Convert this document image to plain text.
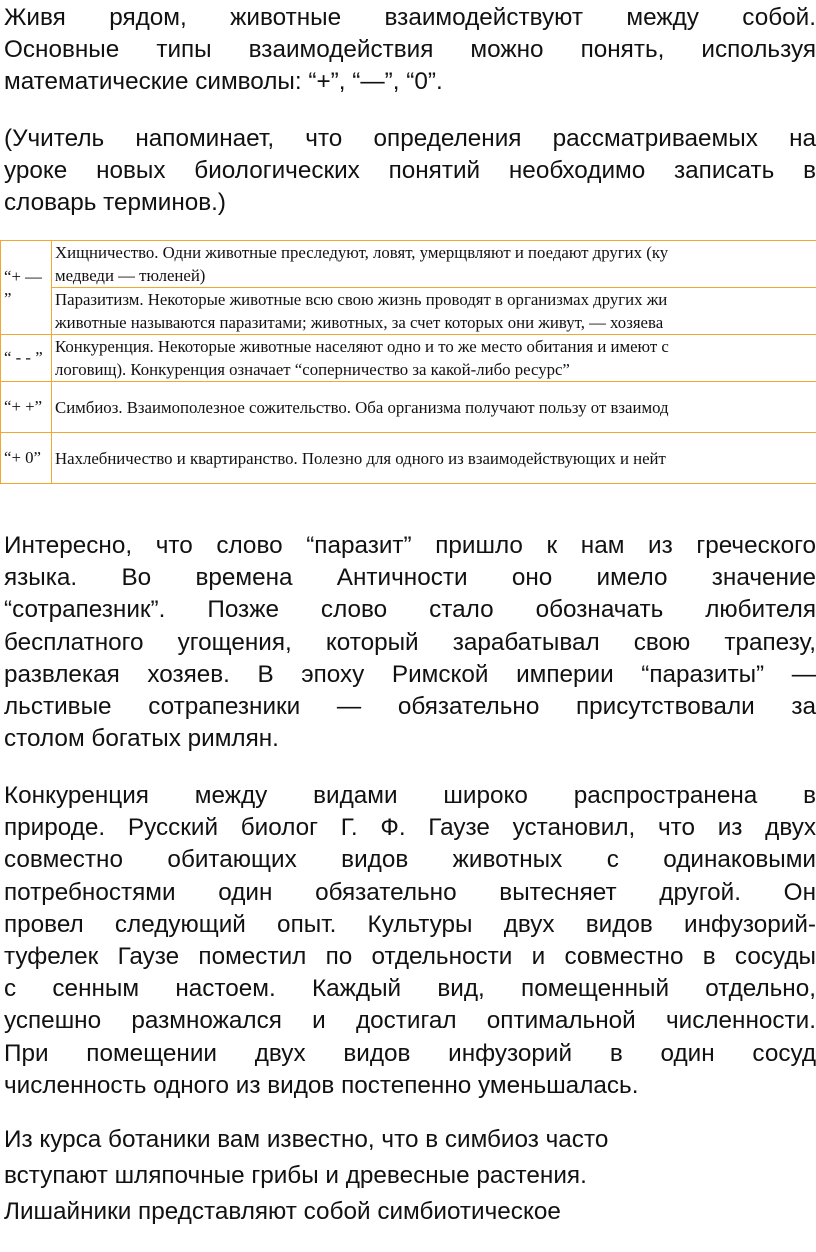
Живя рядом, животные взаимодействуют между собой.
Основные типы взаимодействия можно понять, используя
математические символы: “+”, “—”, “0”.
(Учитель напоминает, что определения рассматриваемых на
уроке новых биологических понятий необходимо записать в
словарь терминов.)
“+ — ”	Хищничество. Одни животные преследуют, ловят, умерщвляют и поедают других (ку
медведи — тюленей)

	Паразитизм. Некоторые животные всю свою жизнь проводят в организмах других жи
животные называются паразитами; животных, за счет которых они живут, — хозяева

“ - - ”	Конкуренция. Некоторые животные населяют одно и то же место обитания и имеют с
логовищ). Конкуренция означает “соперничество за какой-либо ресурс”

“+ +”	Симбиоз. Взаимополезное сожительство. Оба организма получают пользу от взаимод

“+ 0”	Нахлебничество и квартиранство. Полезно для одного из взаимодействующих и нейт
Интересно, что слово “паразит” пришло к нам из греческого
языка. Во времена Античности оно имело значение
“сотрапезник”. Позже слово стало обозначать любителя
бесплатного угощения, который зарабатывал свою трапезу,
развлекая хозяев. В эпоху Римской империи “паразиты” —
льстивые сотрапезники — обязательно присутствовали за
столом богатых римлян.
Конкуренция между видами широко распространена в
природе. Русский биолог Г. Ф. Гаузе установил, что из двух
совместно обитающих видов животных с одинаковыми
потребностями один обязательно вытесняет другой. Он
провел следующий опыт. Культуры двух видов инфузорий-
туфелек Гаузе поместил по отдельности и совместно в сосуды
с сенным настоем. Каждый вид, помещенный отдельно,
успешно размножался и достигал оптимальной численности.
При помещении двух видов инфузорий в один сосуд
численность одного из видов постепенно уменьшалась.
Из курса ботаники вам известно, что в симбиоз часто
вступают шляпочные грибы и древесные растения.
Лишайники представляют собой симбиотическое
